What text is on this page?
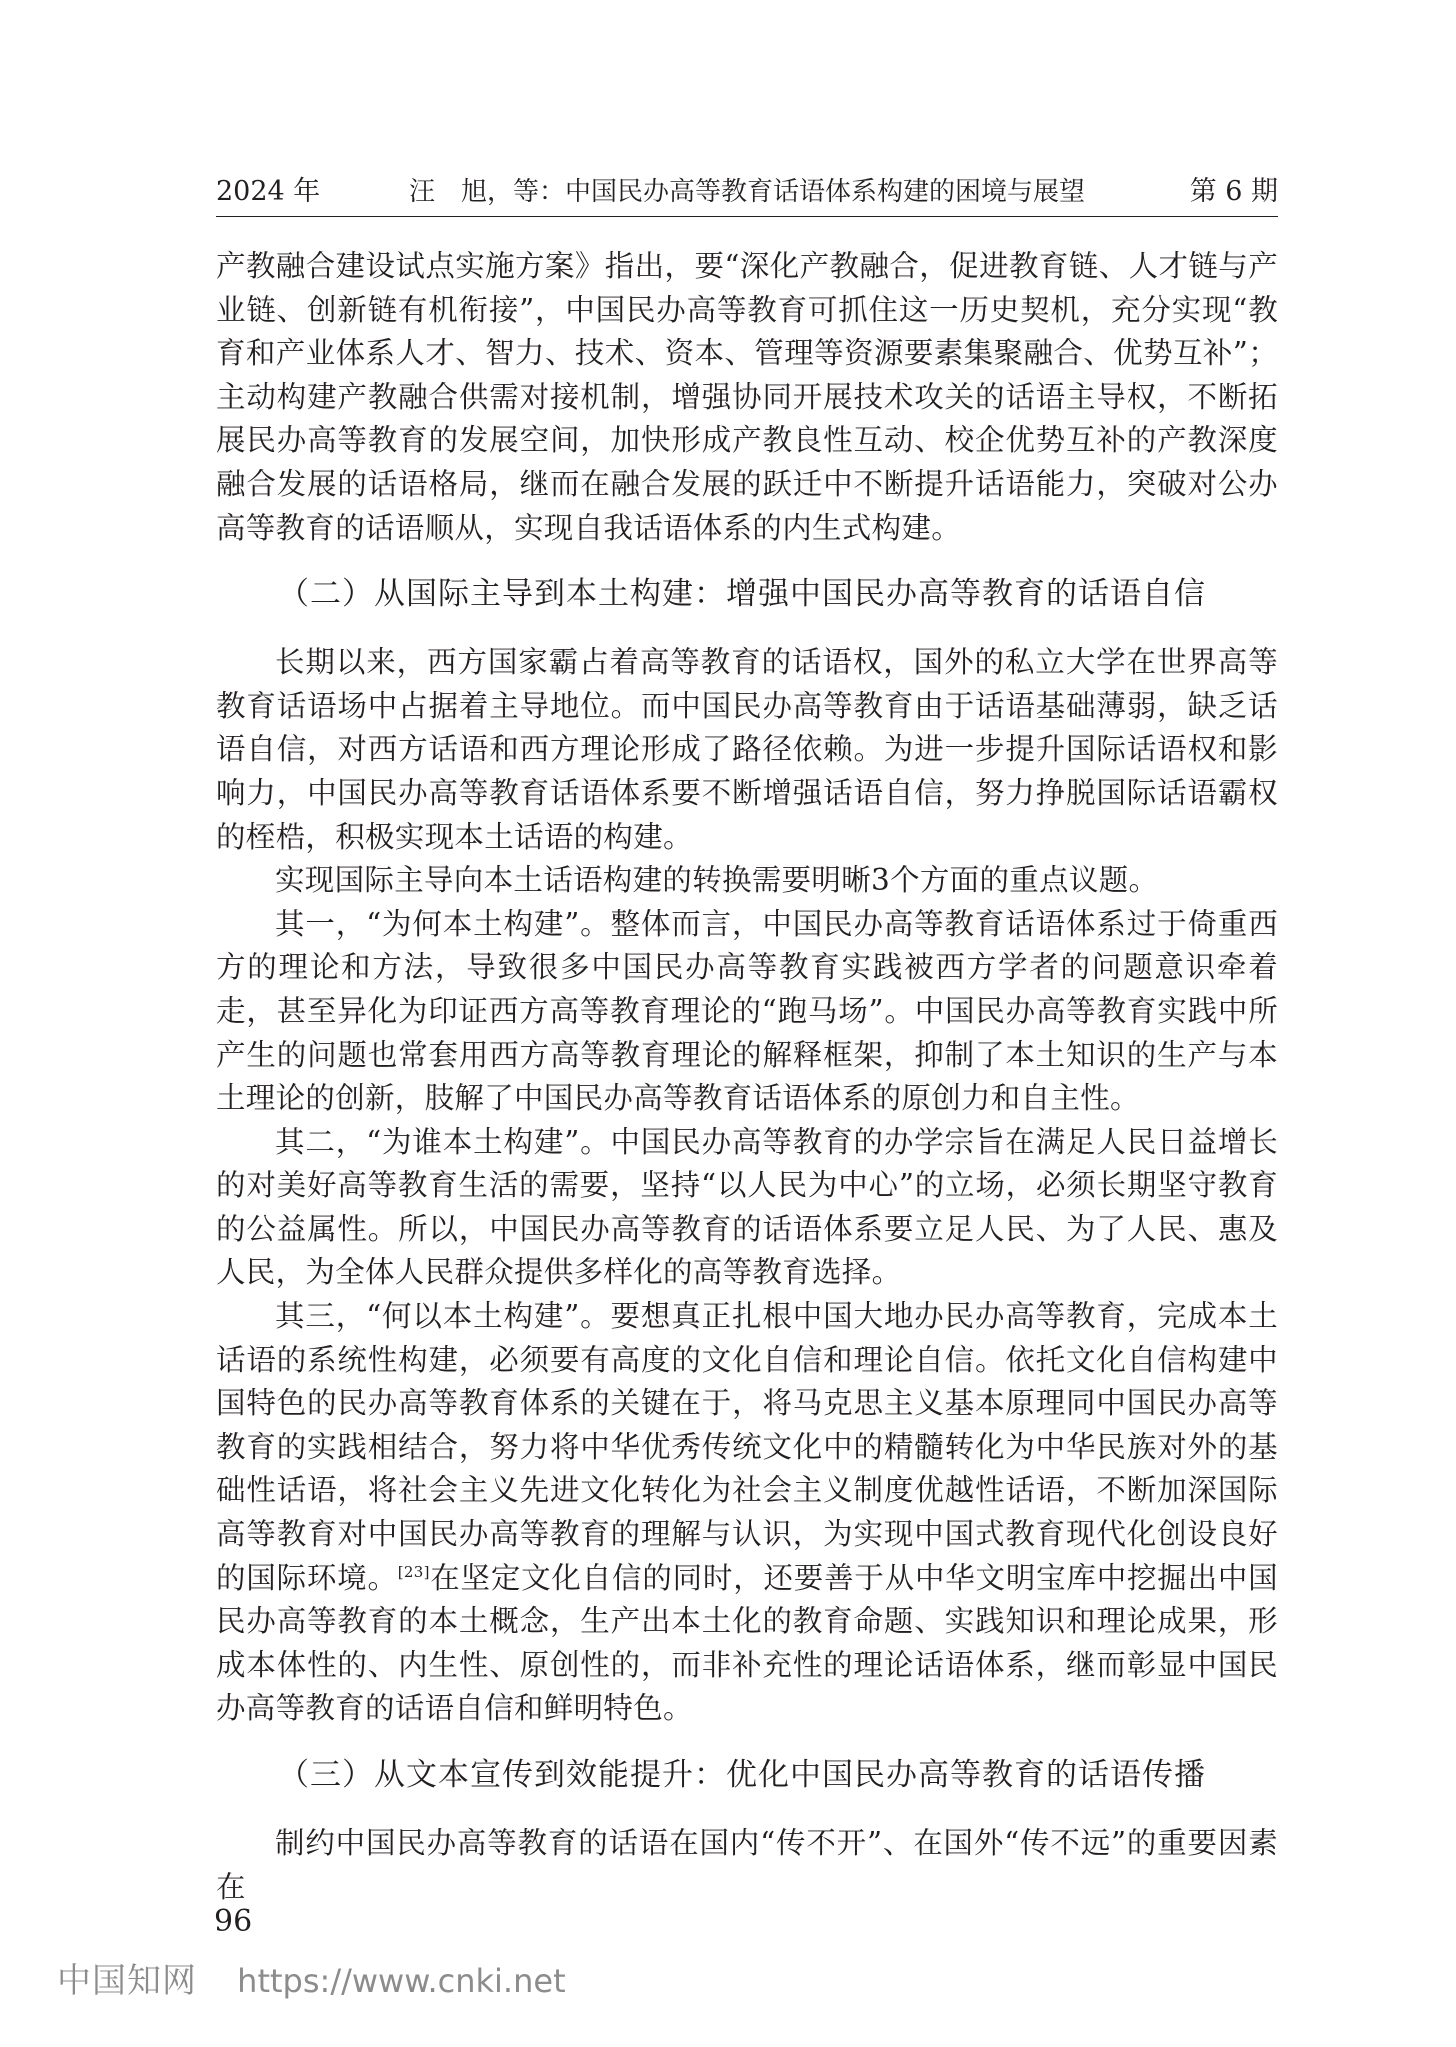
2024 年	汪　旭，等：中国民办高等教育话语体系构建的困境与展望	第 6 期

产教融合建设试点实施方案》指出，要“深化产教融合，促进教育链、人才链与产业链、创新链有机衔接”，中国民办高等教育可抓住这一历史契机，充分实现“教育和产业体系人才、智力、技术、资本、管理等资源要素集聚融合、优势互补”；主动构建产教融合供需对接机制，增强协同开展技术攻关的话语主导权，不断拓展民办高等教育的发展空间，加快形成产教良性互动、校企优势互补的产教深度融合发展的话语格局，继而在融合发展的跃迁中不断提升话语能力，突破对公办高等教育的话语顺从，实现自我话语体系的内生式构建。

（二）从国际主导到本土构建：增强中国民办高等教育的话语自信

长期以来，西方国家霸占着高等教育的话语权，国外的私立大学在世界高等教育话语场中占据着主导地位。而中国民办高等教育由于话语基础薄弱，缺乏话语自信，对西方话语和西方理论形成了路径依赖。为进一步提升国际话语权和影响力，中国民办高等教育话语体系要不断增强话语自信，努力挣脱国际话语霸权的桎梏，积极实现本土话语的构建。

实现国际主导向本土话语构建的转换需要明晰3个方面的重点议题。

其一，“为何本土构建”。整体而言，中国民办高等教育话语体系过于倚重西方的理论和方法，导致很多中国民办高等教育实践被西方学者的问题意识牵着走，甚至异化为印证西方高等教育理论的“跑马场”。中国民办高等教育实践中所产生的问题也常套用西方高等教育理论的解释框架，抑制了本土知识的生产与本土理论的创新，肢解了中国民办高等教育话语体系的原创力和自主性。

其二，“为谁本土构建”。中国民办高等教育的办学宗旨在满足人民日益增长的对美好高等教育生活的需要，坚持“以人民为中心”的立场，必须长期坚守教育的公益属性。所以，中国民办高等教育的话语体系要立足人民、为了人民、惠及人民，为全体人民群众提供多样化的高等教育选择。

其三，“何以本土构建”。要想真正扎根中国大地办民办高等教育，完成本土话语的系统性构建，必须要有高度的文化自信和理论自信。依托文化自信构建中国特色的民办高等教育体系的关键在于，将马克思主义基本原理同中国民办高等教育的实践相结合，努力将中华优秀传统文化中的精髓转化为中华民族对外的基础性话语，将社会主义先进文化转化为社会主义制度优越性话语，不断加深国际高等教育对中国民办高等教育的理解与认识，为实现中国式教育现代化创设良好的国际环境。[23]在坚定文化自信的同时，还要善于从中华文明宝库中挖掘出中国民办高等教育的本土概念，生产出本土化的教育命题、实践知识和理论成果，形成本体性的、内生性、原创性的，而非补充性的理论话语体系，继而彰显中国民办高等教育的话语自信和鲜明特色。

（三）从文本宣传到效能提升：优化中国民办高等教育的话语传播

制约中国民办高等教育的话语在国内“传不开”、在国外“传不远”的重要因素在

96
中国知网 https://www.cnki.net
